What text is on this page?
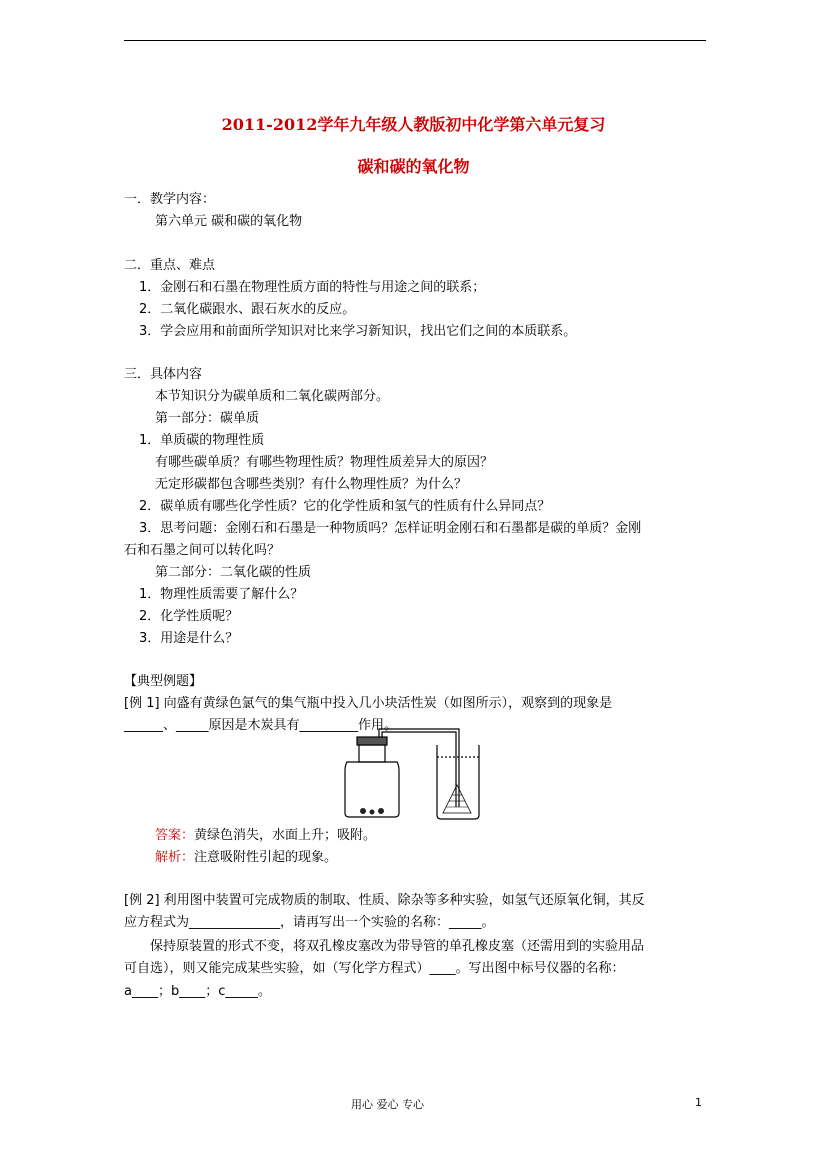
2011-2012学年九年级人教版初中化学第六单元复习
碳和碳的氧化物
一．教学内容：
第六单元 碳和碳的氧化物
二．重点、难点
1．金刚石和石墨在物理性质方面的特性与用途之间的联系；
2．二氧化碳跟水、跟石灰水的反应。
3．学会应用和前面所学知识对比来学习新知识，找出它们之间的本质联系。
三．具体内容
本节知识分为碳单质和二氧化碳两部分。
第一部分：碳单质
1．单质碳的物理性质
有哪些碳单质？有哪些物理性质？物理性质差异大的原因？
无定形碳都包含哪些类别？有什么物理性质？为什么？
2．碳单质有哪些化学性质？它的化学性质和氢气的性质有什么异同点？
3．思考问题：金刚石和石墨是一种物质吗？怎样证明金刚石和石墨都是碳的单质？金刚
石和石墨之间可以转化吗？
第二部分：二氧化碳的性质
1．物理性质需要了解什么？
2．化学性质呢？
3．用途是什么？
【典型例题】
[例 1] 向盛有黄绿色氯气的集气瓶中投入几小块活性炭（如图所示），观察到的现象是
______、_____原因是木炭具有_________作用。
答案：黄绿色消失，水面上升；吸附。
解析：注意吸附性引起的现象。
[例 2] 利用图中装置可完成物质的制取、性质、除杂等多种实验，如氢气还原氧化铜，其反
应方程式为______________，请再写出一个实验的名称：_____。
保持原装置的形式不变，将双孔橡皮塞改为带导管的单孔橡皮塞（还需用到的实验用品
可自选），则又能完成某些实验，如（写化学方程式）____。写出图中标号仪器的名称：
a____；b____；c_____。
用心 爱心 专心	1
